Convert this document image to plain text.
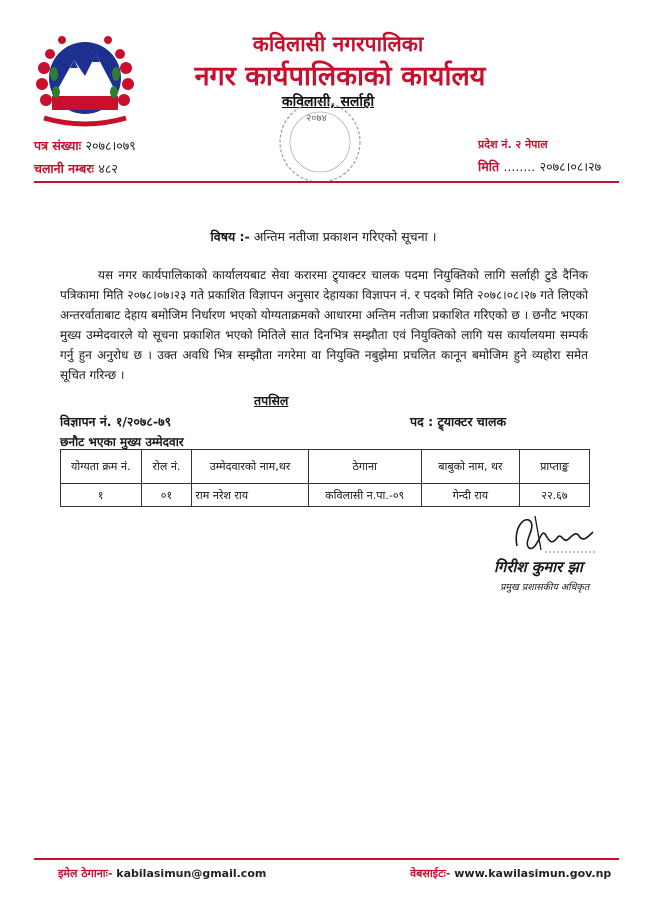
कविलासी नगरपालिका
नगर कार्यपालिकाको कार्यालय
कविलासी, सर्लाही
२०७४
पत्र संख्याः २०७८।०७९
चलानी नम्बरः ४८२
प्रदेश नं. २ नेपाल
मिति ........ २०७८।०८।२७
विषय :- अन्तिम नतीजा प्रकाशन गरिएको सूचना ।
यस नगर कार्यपालिकाको कार्यालयबाट सेवा करारमा ट्र्याक्टर चालक पदमा नियुक्तिको लागि सर्लाही टुडे दैनिक पत्रिकामा मिति २०७८।०७।२३ गते प्रकाशित विज्ञापन अनुसार देहायका विज्ञापन नं. र पदको मिति २०७८।०८।२७ गते लिएको अन्तरर्वाताबाट देहाय बमोजिम निर्धारण भएको योग्यताक्रमको आधारमा अन्तिम नतीजा प्रकाशित गरिएको छ । छनौट भएका मुख्य उम्मेदवारले यो सूचना प्रकाशित भएको मितिले सात दिनभित्र सम्झौता एवं नियुक्तिको लागि यस कार्यालयमा सम्पर्क गर्नु हुन अनुरोध छ । उक्त अवधि भित्र सम्झौता नगरेमा वा नियुक्ति नबुझेमा प्रचलित कानून बमोजिम हुने व्यहोरा समेत सूचित गरिन्छ ।
तपसिल
विज्ञापन नं. १/२०७८-७९	पद : ट्र्याक्टर चालक
छनौट भएका मुख्य उम्मेदवार
योग्यता क्रम नं.	रोल नं.	उम्मेदवारको नाम,थर	ठेगाना	बाबुको नाम, थर	प्राप्ताङ्क
१	०१	राम नरेश राय	कविलासी न.पा.-०९	गेन्दी राय	२२.६७
गिरीश कुमार झा
प्रमुख प्रशासकीय अधिकृत
इमेल ठेगानाः- kabilasimun@gmail.com	वेबसाईटः- www.kawilasimun.gov.np
